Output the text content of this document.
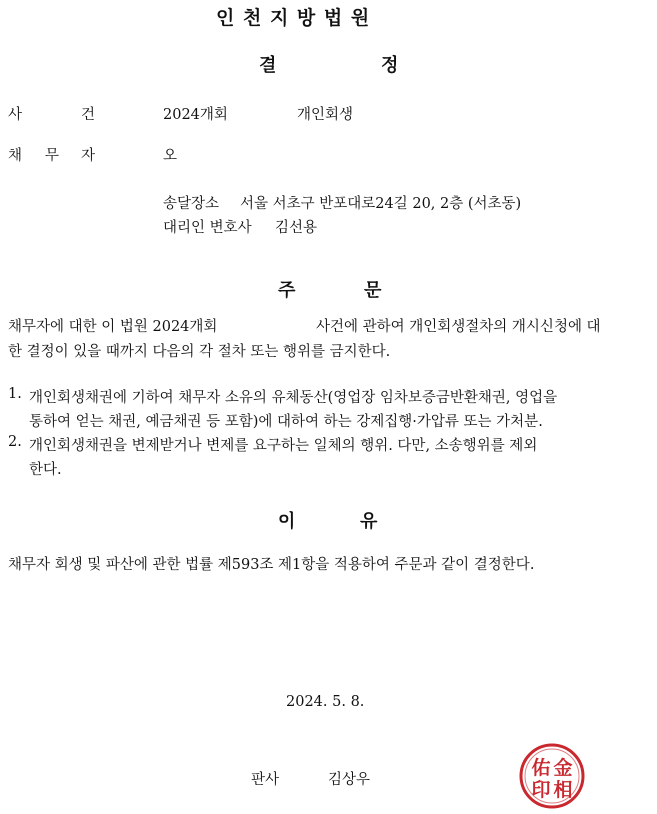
인 천 지 방 법 원
결	정
사	건	2024개회	개인회생
채 무 자	오
송달장소 서울 서초구 반포대로24길 20, 2층 (서초동)
대리인 변호사 김선용
주	문
채무자에 대한 이 법원 2024개회	사건에 관하여 개인회생절차의 개시신청에 대
한 결정이 있을 때까지 다음의 각 절차 또는 행위를 금지한다.
1. 개인회생채권에 기하여 채무자 소유의 유체동산(영업장 임차보증금반환채권, 영업을
통하여 얻는 채권, 예금채권 등 포함)에 대하여 하는 강제집행·가압류 또는 가처분.
2. 개인회생채권을 변제받거나 변제를 요구하는 일체의 행위. 다만, 소송행위를 제외
한다.
이	유
채무자 회생 및 파산에 관한 법률 제593조 제1항을 적용하여 주문과 같이 결정한다.
2024. 5. 8.
판사	김상우
金
相
佑
印
